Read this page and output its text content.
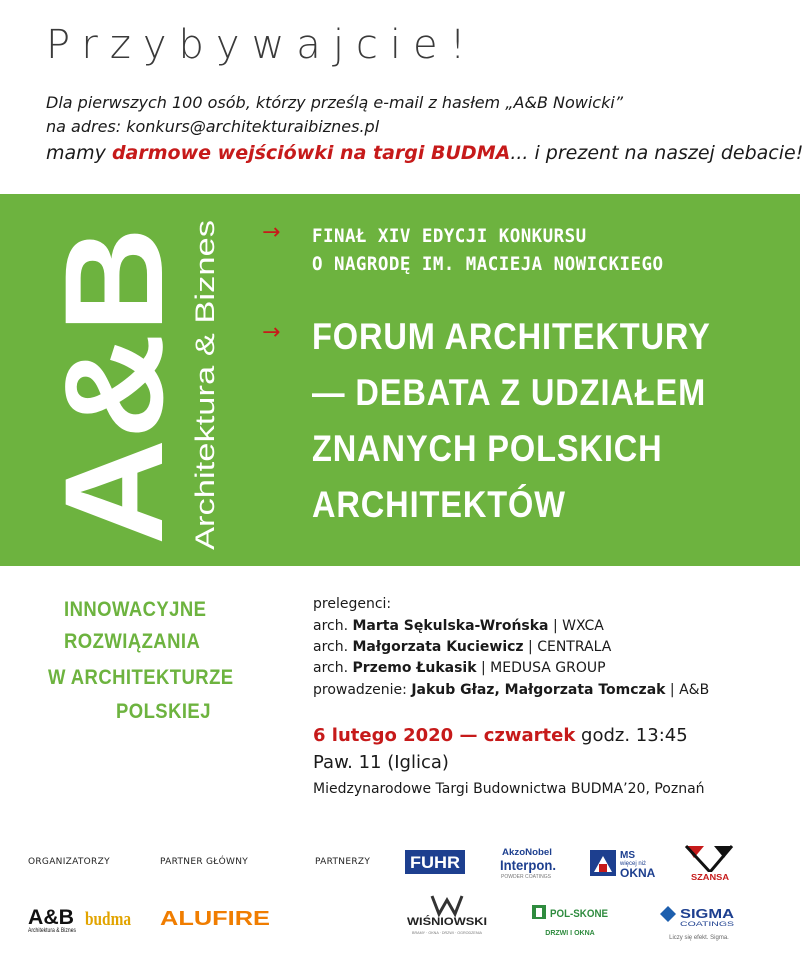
Przybywajcie!
Dla pierwszych 100 osób, którzy prześlą e-mail z hasłem „A&B Nowicki”
na adres: konkurs@architekturaibiznes.pl
mamy darmowe wejściówki na targi BUDMA... i prezent na naszej debacie!
A&B
Architektura & Biznes
→ FINAŁ XIV EDYCJI KONKURSU
O NAGRODĘ IM. MACIEJA NOWICKIEGO
→ FORUM ARCHITEKTURY
— DEBATA Z UDZIAŁEM
ZNANYCH POLSKICH
ARCHITEKTÓW
INNOWACYJNE
ROZWIĄZANIA
W ARCHITEKTURZE
POLSKIEJ
prelegenci:
arch. Marta Sękulska-Wrońska | WXCA
arch. Małgorzata Kuciewicz | CENTRALA
arch. Przemo Łukasik | MEDUSA GROUP
prowadzenie: Jakub Głaz, Małgorzata Tomczak | A&B
6 lutego 2020 — czwartek godz. 13:45
Paw. 11 (Iglica)
Miedzynarodowe Targi Budownictwa BUDMA’20, Poznań
ORGANIZATORZY	PARTNER GŁÓWNY	PARTNERZY
A&B
Architektura & Biznes
budma ALUFIRE
FUHR
AkzoNobel
Interpon.
POWDER COATINGS
MS
więcej niż
OKNA	SZANSA
WIŚNIOWSKI
BRAMY · OKNA · DRZWI · OGRODZENIA
POL-SKONE
DRZWI I OKNA
SIGMA
COATINGS
Liczy się efekt. Sigma.
